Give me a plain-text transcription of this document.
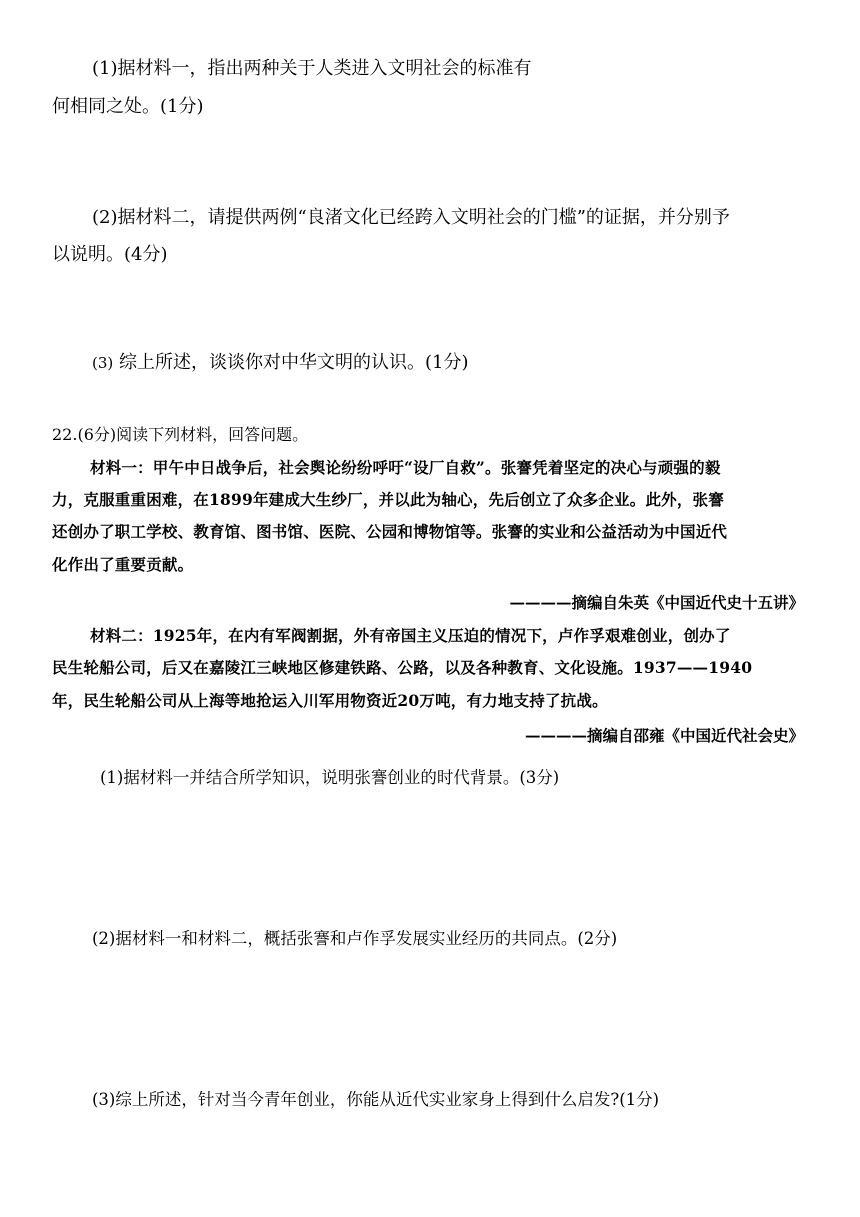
(1)据材料一，指出两种关于人类进入文明社会的标准有
何相同之处。(1分)
(2)据材料二，请提供两例“良渚文化已经跨入文明社会的门槛”的证据，并分别予
以说明。(4分)
(3) 综上所述，谈谈你对中华文明的认识。(1分)
22.(6分)阅读下列材料，回答问题。
材料一：甲午中日战争后，社会舆论纷纷呼吁“设厂自救”。张謇凭着坚定的决心与顽强的毅
力，克服重重困难，在1899年建成大生纱厂，并以此为轴心，先后创立了众多企业。此外，张謇
还创办了职工学校、教育馆、图书馆、医院、公园和博物馆等。张謇的实业和公益活动为中国近代
化作出了重要贡献。
————摘编自朱英《中国近代史十五讲》
材料二：1925年，在内有军阀割据，外有帝国主义压迫的情况下，卢作孚艰难创业，创办了
民生轮船公司，后又在嘉陵江三峡地区修建铁路、公路，以及各种教育、文化设施。1937——1940
年，民生轮船公司从上海等地抢运入川军用物资近20万吨，有力地支持了抗战。
————摘编自邵雍《中国近代社会史》
(1)据材料一并结合所学知识，说明张謇创业的时代背景。(3分)
(2)据材料一和材料二，概括张謇和卢作孚发展实业经历的共同点。(2分)
(3)综上所述，针对当今青年创业，你能从近代实业家身上得到什么启发?(1分)
